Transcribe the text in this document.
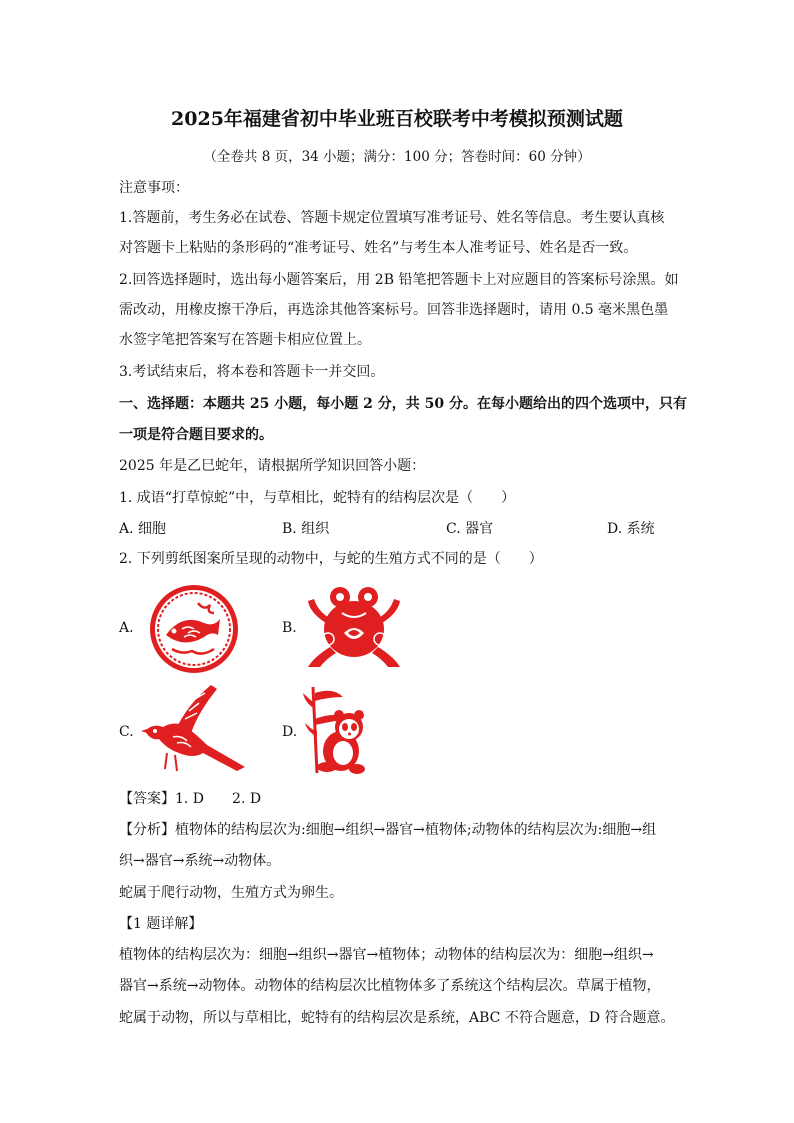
2025年福建省初中毕业班百校联考中考模拟预测试题
（全卷共 8 页，34 小题；满分：100 分；答卷时间：60 分钟）
注意事项：
1.答题前，考生务必在试卷、答题卡规定位置填写准考证号、姓名等信息。考生要认真核
对答题卡上粘贴的条形码的“准考证号、姓名”与考生本人准考证号、姓名是否一致。
2.回答选择题时，选出每小题答案后，用 2B 铅笔把答题卡上对应题目的答案标号涂黑。如
需改动，用橡皮擦干净后，再选涂其他答案标号。回答非选择题时，请用 0.5 毫米黑色墨
水签字笔把答案写在答题卡相应位置上。
3.考试结束后，将本卷和答题卡一并交回。
一、选择题：本题共 25 小题，每小题 2 分，共 50 分。在每小题给出的四个选项中，只有
一项是符合题目要求的。
2025 年是乙巳蛇年，请根据所学知识回答小题：
1. 成语“打草惊蛇”中，与草相比，蛇特有的结构层次是（　　）
A. 细胞	B. 组织	C. 器官	D. 系统
2. 下列剪纸图案所呈现的动物中，与蛇的生殖方式不同的是（　　）
A.	B.
C.	D.
【答案】1. D　　2. D
【分析】植物体的结构层次为:细胞→组织→器官→植物体;动物体的结构层次为:细胞→组
织→器官→系统→动物体。
蛇属于爬行动物，生殖方式为卵生。
【1 题详解】
植物体的结构层次为：细胞→组织→器官→植物体；动物体的结构层次为：细胞→组织→
器官→系统→动物体。动物体的结构层次比植物体多了系统这个结构层次。草属于植物，
蛇属于动物，所以与草相比，蛇特有的结构层次是系统，ABC 不符合题意，D 符合题意。
